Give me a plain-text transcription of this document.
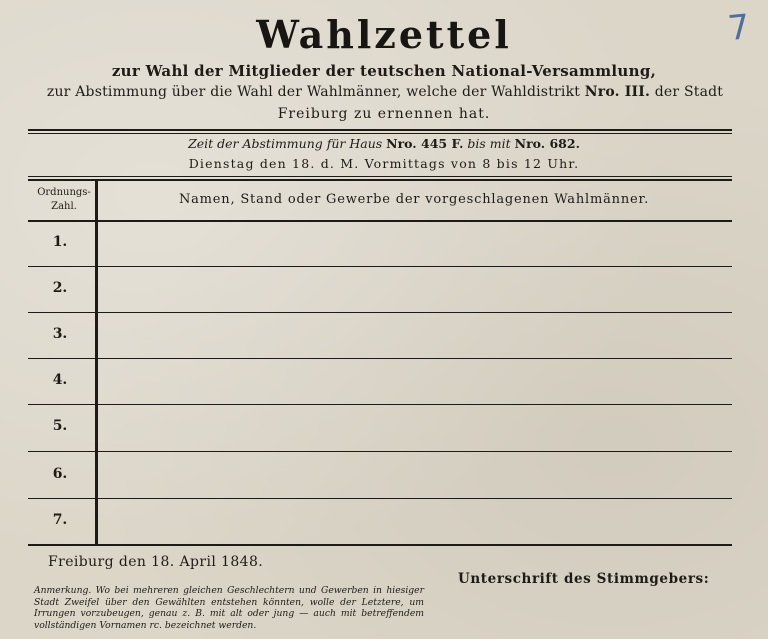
Wahlzettel	7
zur Wahl der Mitglieder der teutschen National-Versammlung,
zur Abstimmung über die Wahl der Wahlmänner, welche der Wahldistrikt Nro. III. der Stadt
Freiburg zu ernennen hat.
Zeit der Abstimmung für Haus Nro. 445 F. bis mit Nro. 682.
Dienstag den 18. d. M. Vormittags von 8 bis 12 Uhr.
Ordnungs-
Zahl.	Namen, Stand oder Gewerbe der vorgeschlagenen Wahlmänner.
1.
2.
3.
4.
5.
6.
7.
Freiburg den 18. April 1848.
Anmerkung. Wo bei mehreren gleichen Geschlechtern und Gewerben in hiesiger Stadt Zweifel über den Gewählten entstehen könnten, wolle der Letztere, um Irrungen vorzubeugen, genau z. B. mit alt oder jung — auch mit betreffendem vollständigen Vornamen rc. bezeichnet werden.
Unterschrift des Stimmgebers:
